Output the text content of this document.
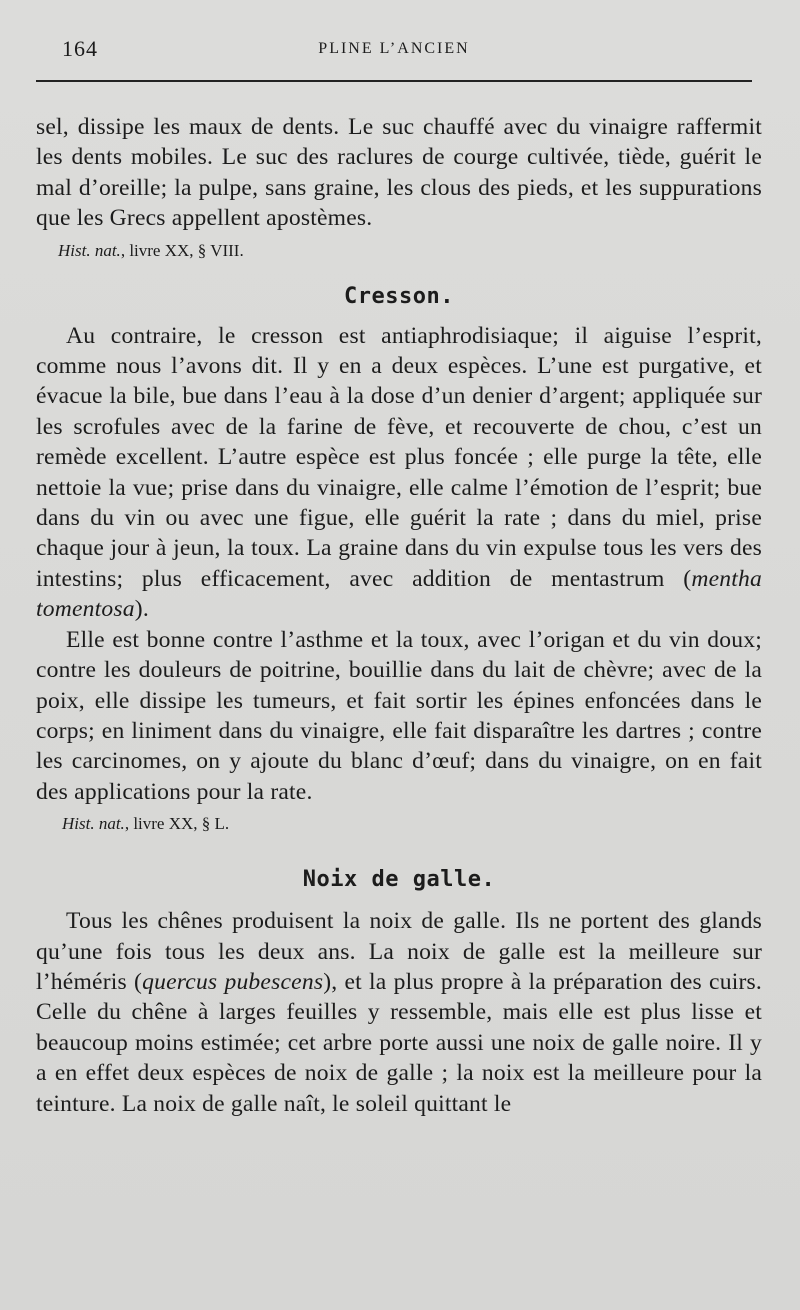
164	PLINE L’ANCIEN

sel, dissipe les maux de dents. Le suc chauffé avec du vinaigre raffermit les dents mobiles. Le suc des raclures de courge cultivée, tiède, guérit le mal d’oreille; la pulpe, sans graine, les clous des pieds, et les suppurations que les Grecs appellent apostèmes.

Hist. nat., livre XX, § VIII.
Cresson.

Au contraire, le cresson est antiaphrodisiaque; il aiguise l’esprit, comme nous l’avons dit. Il y en a deux espèces. L’une est purgative, et évacue la bile, bue dans l’eau à la dose d’un denier d’argent; appliquée sur les scrofules avec de la farine de fève, et recouverte de chou, c’est un remède excellent. L’autre espèce est plus foncée ; elle purge la tête, elle nettoie la vue; prise dans du vinaigre, elle calme l’émotion de l’esprit; bue dans du vin ou avec une figue, elle guérit la rate ; dans du miel, prise chaque jour à jeun, la toux. La graine dans du vin expulse tous les vers des intestins; plus efficacement, avec addition de mentastrum (mentha tomentosa).

Elle est bonne contre l’asthme et la toux, avec l’origan et du vin doux; contre les douleurs de poitrine, bouillie dans du lait de chèvre; avec de la poix, elle dissipe les tumeurs, et fait sortir les épines enfoncées dans le corps; en liniment dans du vinaigre, elle fait disparaître les dartres ; contre les carcinomes, on y ajoute du blanc d’œuf; dans du vinaigre, on en fait des applications pour la rate.

Hist. nat., livre XX, § L.
Noix de galle.

Tous les chênes produisent la noix de galle. Ils ne portent des glands qu’une fois tous les deux ans. La noix de galle est la meilleure sur l’héméris (quercus pubescens), et la plus propre à la préparation des cuirs. Celle du chêne à larges feuilles y ressemble, mais elle est plus lisse et beaucoup moins estimée; cet arbre porte aussi une noix de galle noire. Il y a en effet deux espèces de noix de galle ; la noix est la meilleure pour la teinture. La noix de galle naît, le soleil quittant le
